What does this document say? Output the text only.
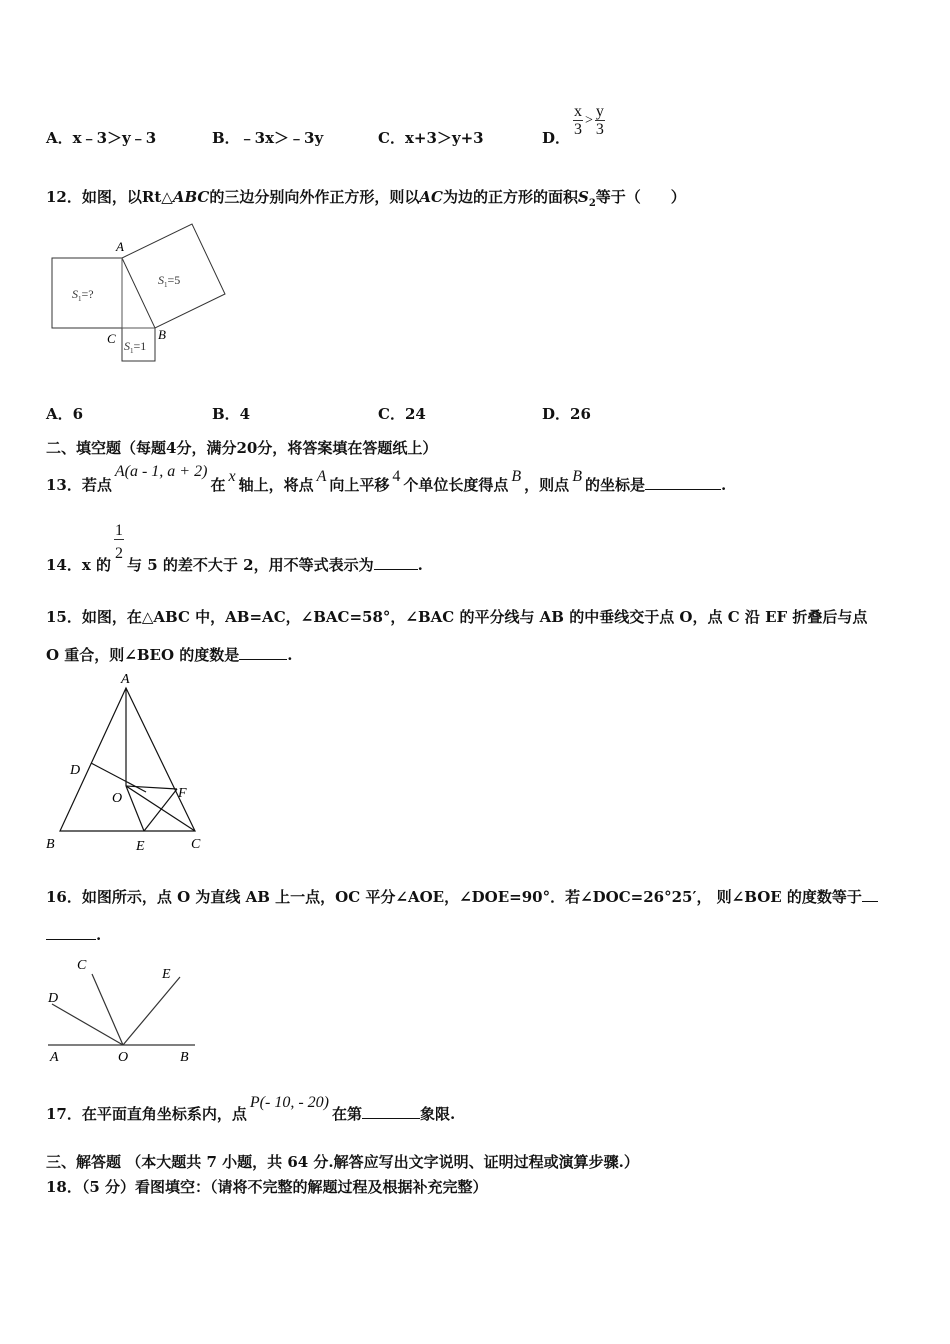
A．x﹣3＞y﹣3	B．﹣3x＞﹣3y	C．x+3＞y+3	D． $\frac{x}{3} > \frac{y}{3}$
12．如图，以Rt△ABC的三边分别向外作正方形，则以AC为边的正方形的面积$S_2$等于（　　）
A
B
C
$S_1=$?
$S_1=5$
$S_1=1$
A．6	B．4	C．24	D．26
二、填空题（每题4分，满分20分，将答案填在答题纸上）
13．若点A(a - 1, a + 2)在 x 轴上，将点 A 向上平移 4 个单位长度得点 B ，则点 B 的坐标是	.
14．x 的
$\frac{1}{2}$
与 5 的差不大于 2，用不等式表示为	.
15．如图，在△ABC 中，AB=AC，∠BAC=58°，∠BAC 的平分线与 AB 的中垂线交于点 O，点 C 沿 EF 折叠后与点
O 重合，则∠BEO 的度数是	.
A
B	C
D
E
F
O
16．如图所示，点 O 为直线 AB 上一点，OC 平分∠AOE，∠DOE=90°．若∠DOC=26°25′， 则∠BOE 的度数等于
.
A	B
C
D
E
O
17．在平面直角坐标系内，点P(- 10, - 20)在第	象限.
三、解答题 （本大题共 7 小题，共 64 分.解答应写出文字说明、证明过程或演算步骤.）
18．（5 分）看图填空：（请将不完整的解题过程及根据补充完整）
